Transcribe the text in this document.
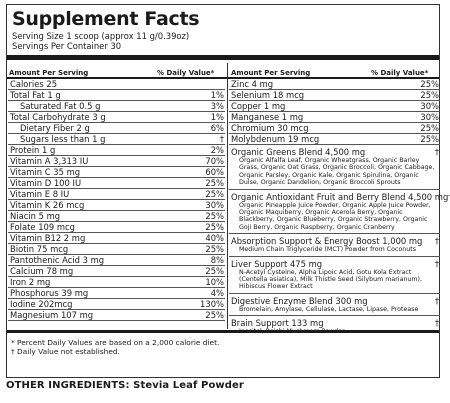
Supplement Facts
Serving Size 1 scoop (approx 11 g/0.39oz)
Servings Per Container 30
Amount Per Serving	% Daily Value* Amount Per Serving	% Daily Value*
Calories 25
Total Fat 1 g	1%
Saturated Fat 0.5 g	3%
Total Carbohydrate 3 g	1%
Dietary Fiber 2 g	6%
Sugars less than 1 g	†
Protein 1 g	2%
Vitamin A 3,313 IU	70%
Vitamin C 35 mg	60%
Vitamin D 100 IU	25%
Vitamin E 8 IU	25%
Vitamin K 26 mcg	30%
Niacin 5 mg	25%
Folate 109 mcg	25%
Vitamin B12 2 mg	40%
Biotin 75 mcg	25%
Pantothenic Acid 3 mg	8%
Calcium 78 mg	25%
Iron 2 mg	10%
Phosphorus 39 mg	4%
Iodine 202mcg	130%
Magnesium 107 mg	25%
Zinc 4 mg	25%
Selenium 18 mcg	25%
Copper 1 mg	30%
Manganese 1 mg	30%
Chromium 30 mcg	25%
Molybdenum 19 mcg	25%
Organic Greens Blend 4,500 mg	†
Organic Alfalfa Leaf, Organic Wheatgrass, Organic Barley Grass, Organic Oat Grass, Organic Broccoli, Organic Cabbage, Organic Parsley, Organic Kale, Organic Spirulina, Organic Dulse, Organic Dandelion, Organic Broccoli Sprouts
Organic Antioxidant Fruit and Berry Blend 4,500 mg
Organic Pineapple Juice Powder, Organic Apple Juice Powder, Organic Maquiberry, Organic Acerola Berry, Organic Blackberry, Organic Blueberry, Organic Strawberry, Organic Goji Berry, Organic Raspberry, Organic Cranberry
Absorption Support & Energy Boost 1,000 mg †
Medium Chain Triglyceride (MCT) Powder from Coconuts
Liver Support 475 mg	†
N-Acetyl Cysteine, Alpha Lipoic Acid, Gotu Kola Extract (Centella asiatica), Milk Thistle Seed (Silybum marianum), Hibiscus Flower Extract
Digestive Enzyme Blend 300 mg	†
Bromelain, Amylase, Cellulase, Lactase, Lipase, Protease
Brain Support 133 mg	†
* Percent Daily Values are based on a 2,000 calorie diet.
† Daily Value not established.
OTHER INGREDIENTS: Stevia Leaf Powder
